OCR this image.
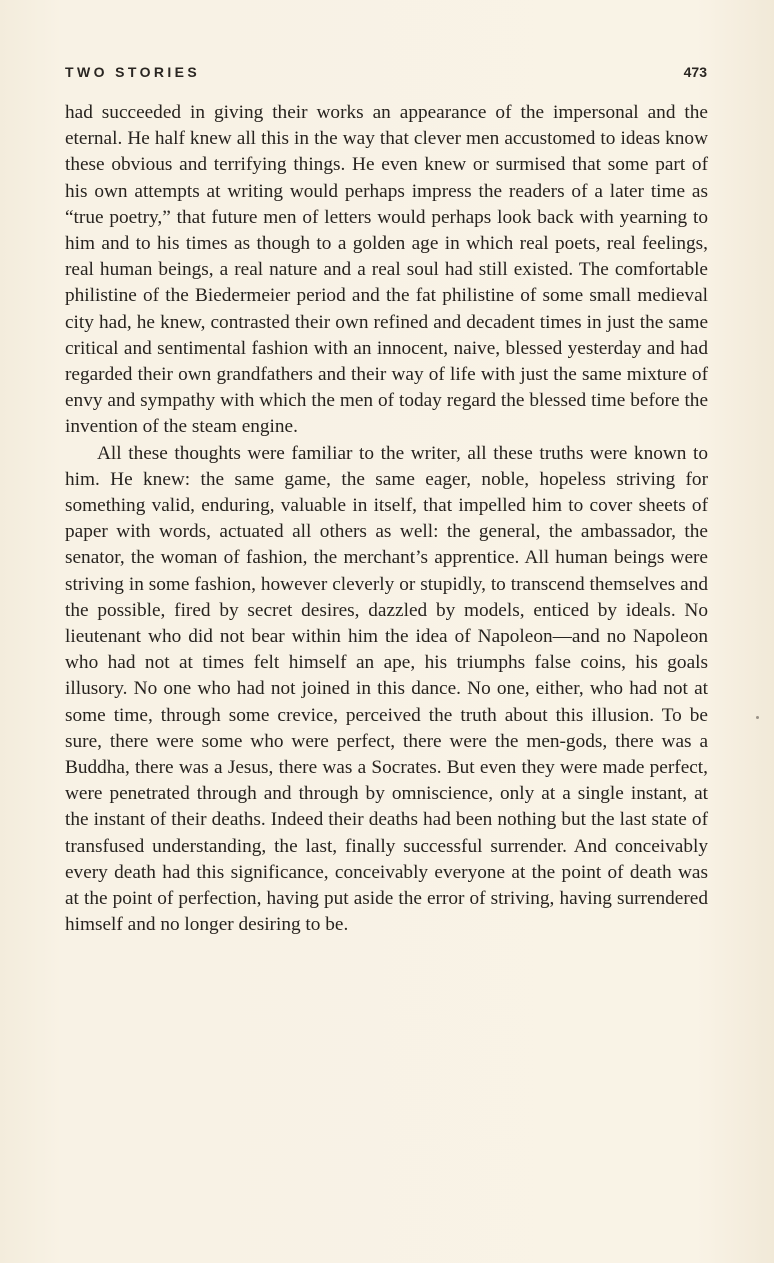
TWO STORIES	473

had succeeded in giving their works an appearance of the impersonal and the eternal. He half knew all this in the way that clever men accustomed to ideas know these obvious and terrifying things. He even knew or surmised that some part of his own attempts at writing would perhaps impress the readers of a later time as “true poetry,” that future men of letters would perhaps look back with yearning to him and to his times as though to a golden age in which real poets, real feelings, real human beings, a real nature and a real soul had still existed. The comfortable philistine of the Biedermeier period and the fat philistine of some small medieval city had, he knew, contrasted their own refined and decadent times in just the same critical and sentimental fashion with an innocent, naive, blessed yesterday and had regarded their own grandfathers and their way of life with just the same mixture of envy and sympathy with which the men of today regard the blessed time before the invention of the steam engine.

All these thoughts were familiar to the writer, all these truths were known to him. He knew: the same game, the same eager, noble, hopeless striving for something valid, enduring, valuable in itself, that impelled him to cover sheets of paper with words, actuated all others as well: the general, the ambassador, the senator, the woman of fashion, the merchant’s apprentice. All human beings were striving in some fashion, however cleverly or stupidly, to transcend themselves and the possible, fired by secret desires, dazzled by models, enticed by ideals. No lieutenant who did not bear within him the idea of Napoleon—and no Napoleon who had not at times felt himself an ape, his triumphs false coins, his goals illusory. No one who had not joined in this dance. No one, either, who had not at some time, through some crevice, perceived the truth about this illusion. To be sure, there were some who were perfect, there were the men-gods, there was a Buddha, there was a Jesus, there was a Socrates. But even they were made perfect, were penetrated through and through by omniscience, only at a single instant, at the instant of their deaths. Indeed their deaths had been nothing but the last state of transfused understanding, the last, finally successful surrender. And conceivably every death had this significance, conceivably everyone at the point of death was at the point of perfection, having put aside the error of striving, having surrendered himself and no longer desiring to be.
